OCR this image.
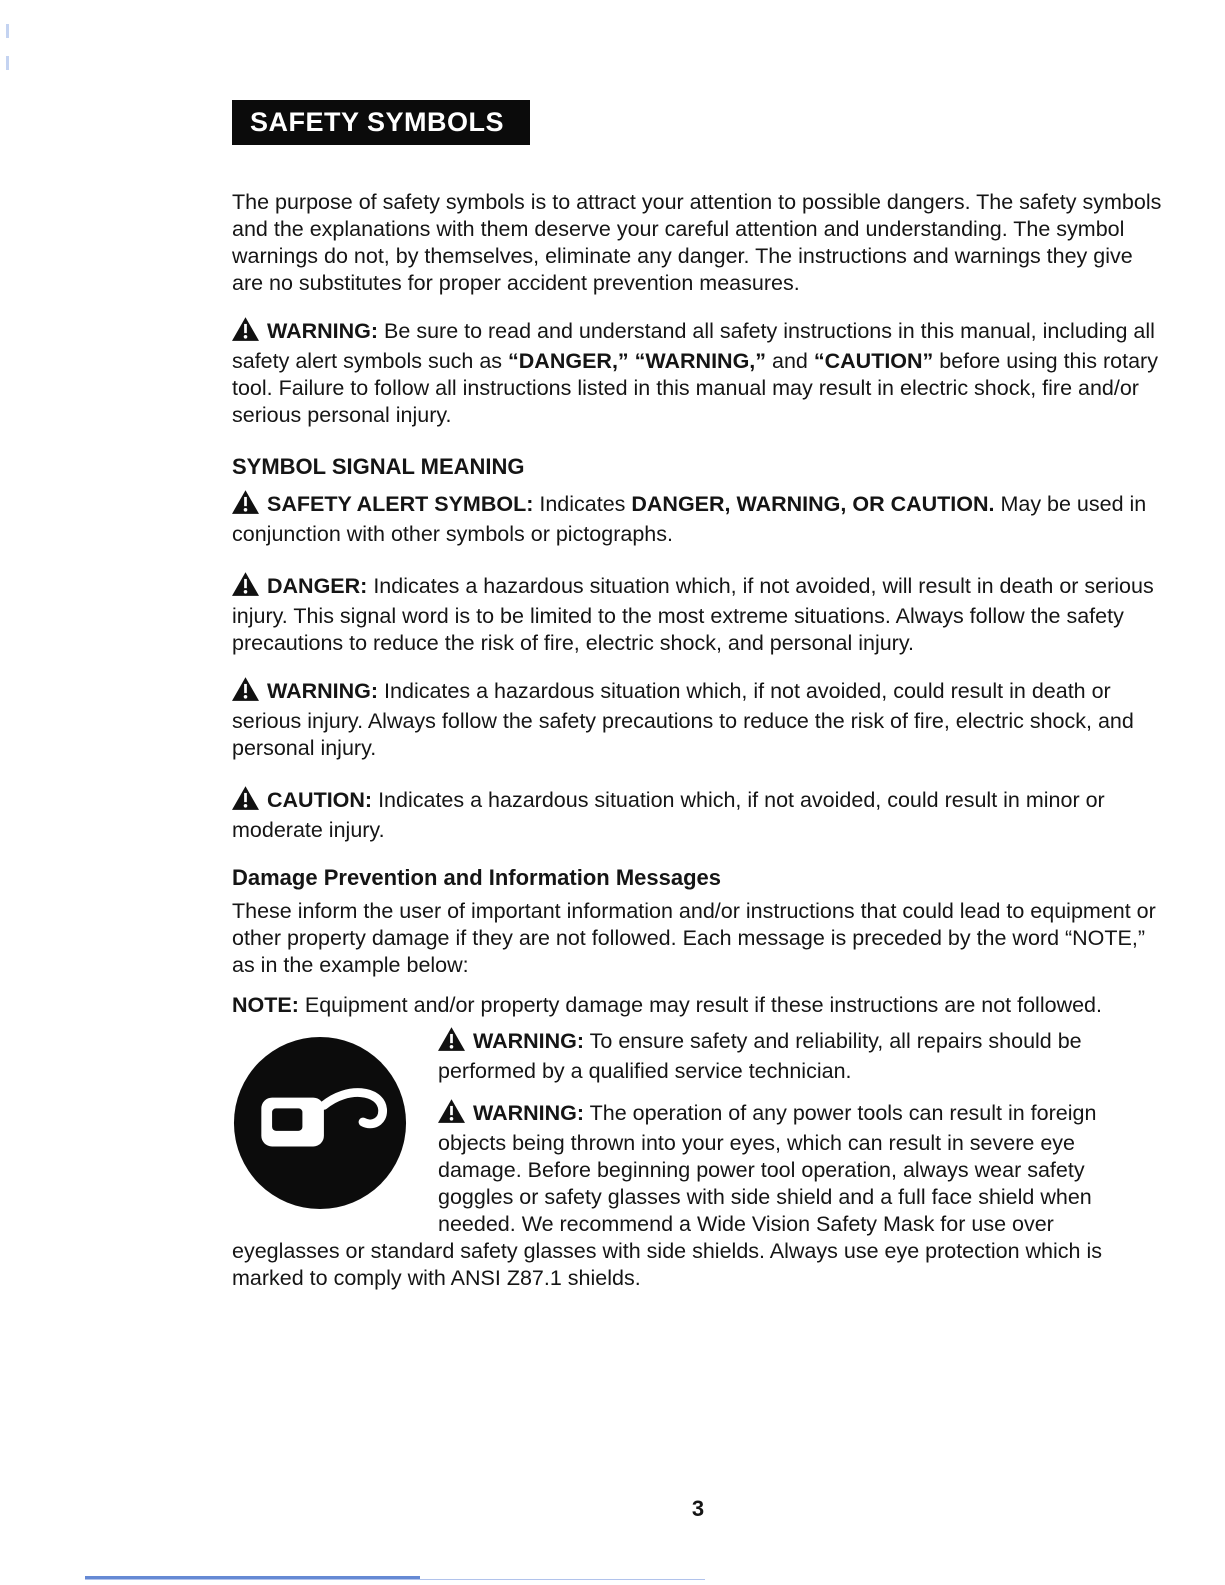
SAFETY SYMBOLS

The purpose of safety symbols is to attract your attention to possible dangers. The safety symbols and the explanations with them deserve your careful attention and understanding. The symbol warnings do not, by themselves, eliminate any danger. The instructions and warnings they give are no substitutes for proper accident prevention measures.

WARNING: Be sure to read and understand all safety instructions in this manual, including all safety alert symbols such as “DANGER,” “WARNING,” and “CAUTION” before using this rotary tool. Failure to follow all instructions listed in this manual may result in electric shock, fire and/or serious personal injury.

SYMBOL SIGNAL MEANING

SAFETY ALERT SYMBOL: Indicates DANGER, WARNING, OR CAUTION. May be used in conjunction with other symbols or pictographs.

DANGER: Indicates a hazardous situation which, if not avoided, will result in death or serious injury. This signal word is to be limited to the most extreme situations. Always follow the safety precautions to reduce the risk of fire, electric shock, and personal injury.

WARNING: Indicates a hazardous situation which, if not avoided, could result in death or serious injury. Always follow the safety precautions to reduce the risk of fire, electric shock, and personal injury.

CAUTION: Indicates a hazardous situation which, if not avoided, could result in minor or moderate injury.

Damage Prevention and Information Messages

These inform the user of important information and/or instructions that could lead to equipment or other property damage if they are not followed. Each message is preceded by the word “NOTE,” as in the example below:

NOTE: Equipment and/or property damage may result if these instructions are not followed.

WARNING: To ensure safety and reliability, all repairs should be performed by a qualified service technician.

WARNING: The operation of any power tools can result in foreign objects being thrown into your eyes, which can result in severe eye damage. Before beginning power tool operation, always wear safety goggles or safety glasses with side shield and a full face shield when needed. We recommend a Wide Vision Safety Mask for use over eyeglasses or standard safety glasses with side shields. Always use eye protection which is marked to comply with ANSI Z87.1 shields.

3
